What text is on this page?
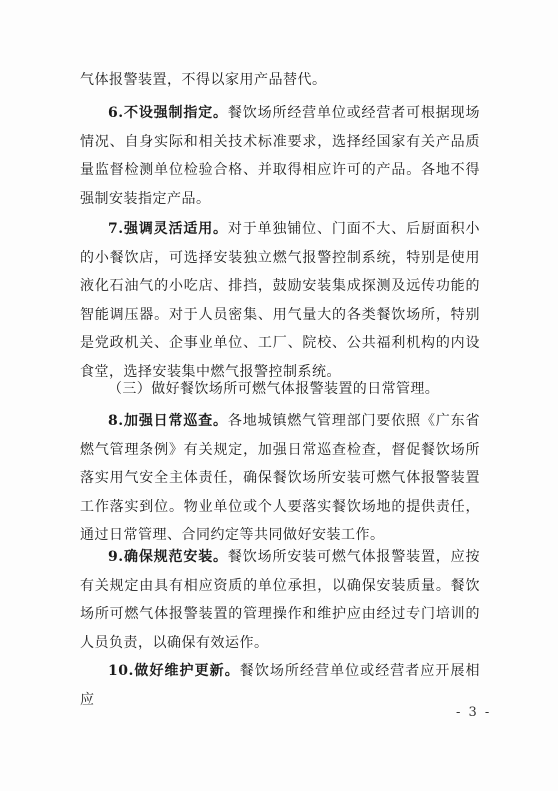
气体报警装置，不得以家用产品替代。

6.不设强制指定。餐饮场所经营单位或经营者可根据现场情况、自身实际和相关技术标准要求，选择经国家有关产品质量监督检测单位检验合格、并取得相应许可的产品。各地不得强制安装指定产品。

7.强调灵活适用。对于单独铺位、门面不大、后厨面积小的小餐饮店，可选择安装独立燃气报警控制系统，特别是使用液化石油气的小吃店、排挡，鼓励安装集成探测及远传功能的智能调压器。对于人员密集、用气量大的各类餐饮场所，特别是党政机关、企事业单位、工厂、院校、公共福利机构的内设食堂，选择安装集中燃气报警控制系统。

（三）做好餐饮场所可燃气体报警装置的日常管理。

8.加强日常巡查。各地城镇燃气管理部门要依照《广东省燃气管理条例》有关规定，加强日常巡查检查，督促餐饮场所落实用气安全主体责任，确保餐饮场所安装可燃气体报警装置工作落实到位。物业单位或个人要落实餐饮场地的提供责任，通过日常管理、合同约定等共同做好安装工作。

9.确保规范安装。餐饮场所安装可燃气体报警装置，应按有关规定由具有相应资质的单位承担，以确保安装质量。餐饮场所可燃气体报警装置的管理操作和维护应由经过专门培训的人员负责，以确保有效运作。

10.做好维护更新。餐饮场所经营单位或经营者应开展相应

- 3 -
